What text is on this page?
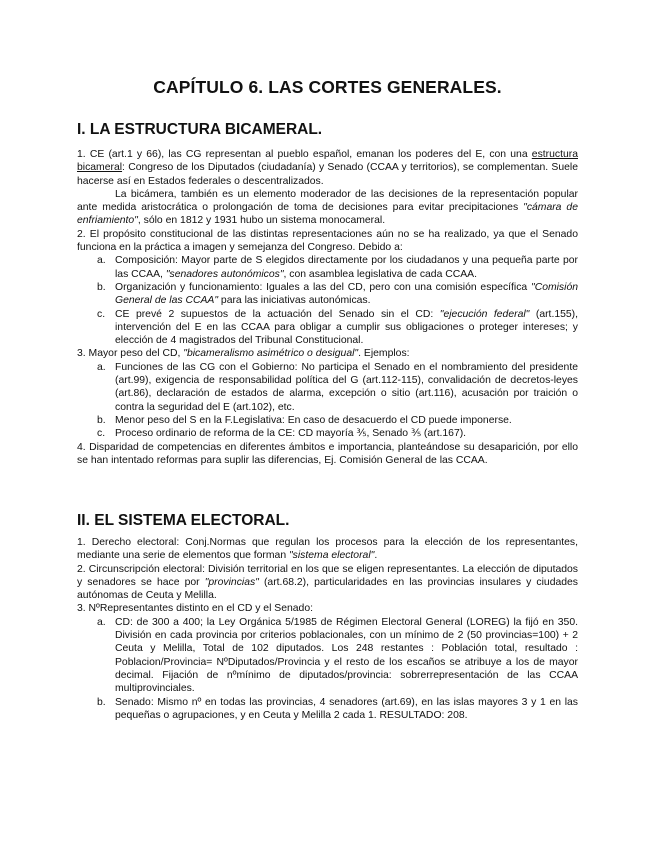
CAPÍTULO 6. LAS CORTES GENERALES.
I. LA ESTRUCTURA BICAMERAL.

1. CE (art.1 y 66), las CG representan al pueblo español, emanan los poderes del E, con una estructura bicameral: Congreso de los Diputados (ciudadanía) y Senado (CCAA y territorios), se complementan. Suele hacerse así en Estados federales o descentralizados.

La bicámera, también es un elemento moderador de las decisiones de la representación popular ante medida aristocrática o prolongación de toma de decisiones para evitar precipitaciones "cámara de enfriamiento", sólo en 1812 y 1931 hubo un sistema monocameral.

2. El propósito constitucional de las distintas representaciones aún no se ha realizado, ya que el Senado funciona en la práctica a imagen y semejanza del Congreso. Debido a:

a. Composición: Mayor parte de S elegidos directamente por los ciudadanos y una pequeña parte por las CCAA, "senadores autonómicos", con asamblea legislativa de cada CCAA.
b. Organización y funcionamiento: Iguales a las del CD, pero con una comisión específica "Comisión General de las CCAA" para las iniciativas autonómicas.
c. CE prevé 2 supuestos de la actuación del Senado sin el CD: "ejecución federal" (art.155), intervención del E en las CCAA para obligar a cumplir sus obligaciones o proteger intereses; y elección de 4 magistrados del Tribunal Constitucional.

3. Mayor peso del CD, "bicameralismo asimétrico o desigual". Ejemplos:

a. Funciones de las CG con el Gobierno: No participa el Senado en el nombramiento del presidente (art.99), exigencia de responsabilidad política del G (art.112-115), convalidación de decretos-leyes (art.86), declaración de estados de alarma, excepción o sitio (art.116), acusación por traición o contra la seguridad del E (art.102), etc.
b. Menor peso del S en la F.Legislativa: En caso de desacuerdo el CD puede imponerse.
c. Proceso ordinario de reforma de la CE: CD mayoría ⅗, Senado ⅗ (art.167).

4. Disparidad de competencias en diferentes ámbitos e importancia, planteándose su desaparición, por ello se han intentado reformas para suplir las diferencias, Ej. Comisión General de las CCAA.

II. EL SISTEMA ELECTORAL.

1. Derecho electoral: Conj.Normas que regulan los procesos para la elección de los representantes, mediante una serie de elementos que forman "sistema electoral".

2. Circunscripción electoral: División territorial en los que se eligen representantes. La elección de diputados y senadores se hace por "provincias" (art.68.2), particularidades en las provincias insulares y ciudades autónomas de Ceuta y Melilla.

3. NºRepresentantes distinto en el CD y el Senado:

a. CD: de 300 a 400; la Ley Orgánica 5/1985 de Régimen Electoral General (LOREG) la fijó en 350. División en cada provincia por criterios poblacionales, con un mínimo de 2 (50 provincias=100) + 2 Ceuta y Melilla, Total de 102 diputados. Los 248 restantes : Población total, resultado : Poblacion/Provincia= NºDiputados/Provincia y el resto de los escaños se atribuye a los de mayor decimal. Fijación de nºmínimo de diputados/provincia: sobrerrepresentación de las CCAA multiprovinciales.
b. Senado: Mismo nº en todas las provincias, 4 senadores (art.69), en las islas mayores 3 y 1 en las pequeñas o agrupaciones, y en Ceuta y Melilla 2 cada 1. RESULTADO: 208.
